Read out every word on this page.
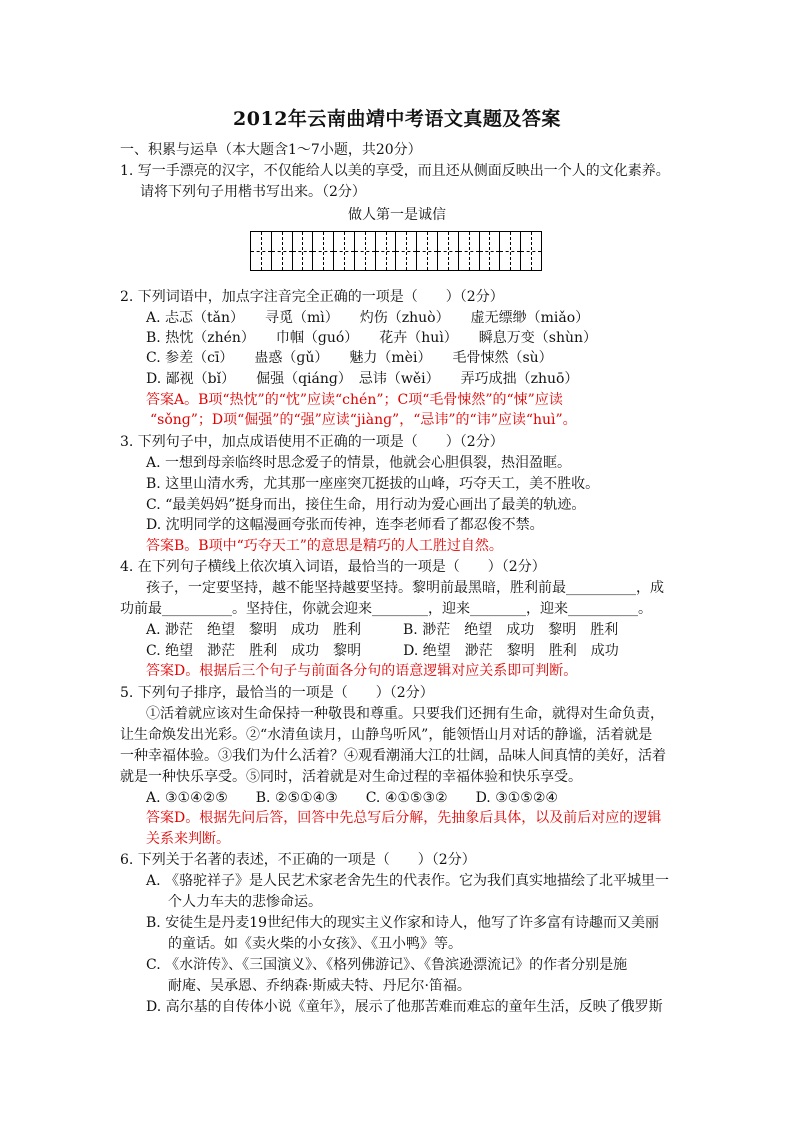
2012年云南曲靖中考语文真题及答案
一、积累与运阜（本大题含1～7小题，共20分）
1. 写一手漂亮的汉字，不仅能给人以美的享受，而且还从侧面反映出一个人的文化素养。
请将下列句子用楷书写出来。（2分）
做人第一是诚信
2. 下列词语中，加点字注音完全正确的一项是（　　）（2分）
A. 忐忑（tǎn）　　寻觅（mì）　　灼伤（zhuò）　　虚无缥缈（miǎo）
B. 热忱（zhén）　　巾帼（ɡuó）　　花卉（huì）　　瞬息万变（shùn）
C. 参差（cī）　　蛊惑（ɡǔ）　　魅力（mèi）　　毛骨悚然（sù）
D. 鄙视（bǐ）　　倔强（qiánɡ）　忌讳（wěi）　　弄巧成拙（zhuō）
答案A。B项“热忱”的“忱”应读“chén”；C项“毛骨悚然”的“悚”应读
“sǒnɡ”；D项“倔强”的“强”应读“jiànɡ”，“忌讳”的“讳”应读“huì”。
3. 下列句子中，加点成语使用不正确的一项是（　　）（2分）
A. 一想到母亲临终时思念爱子的情景，他就会心胆俱裂，热泪盈眶。
B. 这里山清水秀，尤其那一座座突兀挺拔的山峰，巧夺天工，美不胜收。
C. “最美妈妈”挺身而出，接住生命，用行动为爱心画出了最美的轨迹。
D. 沈明同学的这幅漫画夸张而传神，连李老师看了都忍俊不禁。
答案B。B项中“巧夺天工”的意思是精巧的人工胜过自然。
4. 在下列句子横线上依次填入词语，最恰当的一项是（　　）（2分）
孩子，一定要坚持，越不能坚持越要坚持。黎明前最黑暗，胜利前最__________，成
功前最__________。坚持住，你就会迎来________，迎来________，迎来__________。
A. 渺茫　绝望　黎明　成功　胜利　　　B. 渺茫　绝望　成功　黎明　胜利
C. 绝望　渺茫　胜利　成功　黎明　　　D. 绝望　渺茫　黎明　胜利　成功
答案D。根据后三个句子与前面各分句的语意逻辑对应关系即可判断。
5. 下列句子排序，最恰当的一项是（　　）（2分）
①活着就应该对生命保持一种敬畏和尊重。只要我们还拥有生命，就得对生命负责，
让生命焕发出光彩。②“水清鱼读月，山静鸟听风”，能领悟山月对话的静谧，活着就是
一种幸福体验。③我们为什么活着？④观看潮涌大江的壮阔，品味人间真情的美好，活着
就是一种快乐享受。⑤同时，活着就是对生命过程的幸福体验和快乐享受。
A. ③①④②⑤　　B. ②⑤①④③　　C. ④①⑤③②　　D. ③①⑤②④
答案D。根据先问后答，回答中先总写后分解，先抽象后具体，以及前后对应的逻辑
关系来判断。
6. 下列关于名著的表述，不正确的一项是（　　）（2分）
A. 《骆驼祥子》是人民艺术家老舍先生的代表作。它为我们真实地描绘了北平城里一
个人力车夫的悲惨命运。
B. 安徒生是丹麦19世纪伟大的现实主义作家和诗人，他写了许多富有诗趣而又美丽
的童话。如《卖火柴的小女孩》、《丑小鸭》等。
C. 《水浒传》、《三国演义》、《格列佛游记》、《鲁滨逊漂流记》的作者分别是施
耐庵、吴承恩、乔纳森·斯威夫特、丹尼尔·笛福。
D. 高尔基的自传体小说《童年》，展示了他那苦难而难忘的童年生活，反映了俄罗斯
